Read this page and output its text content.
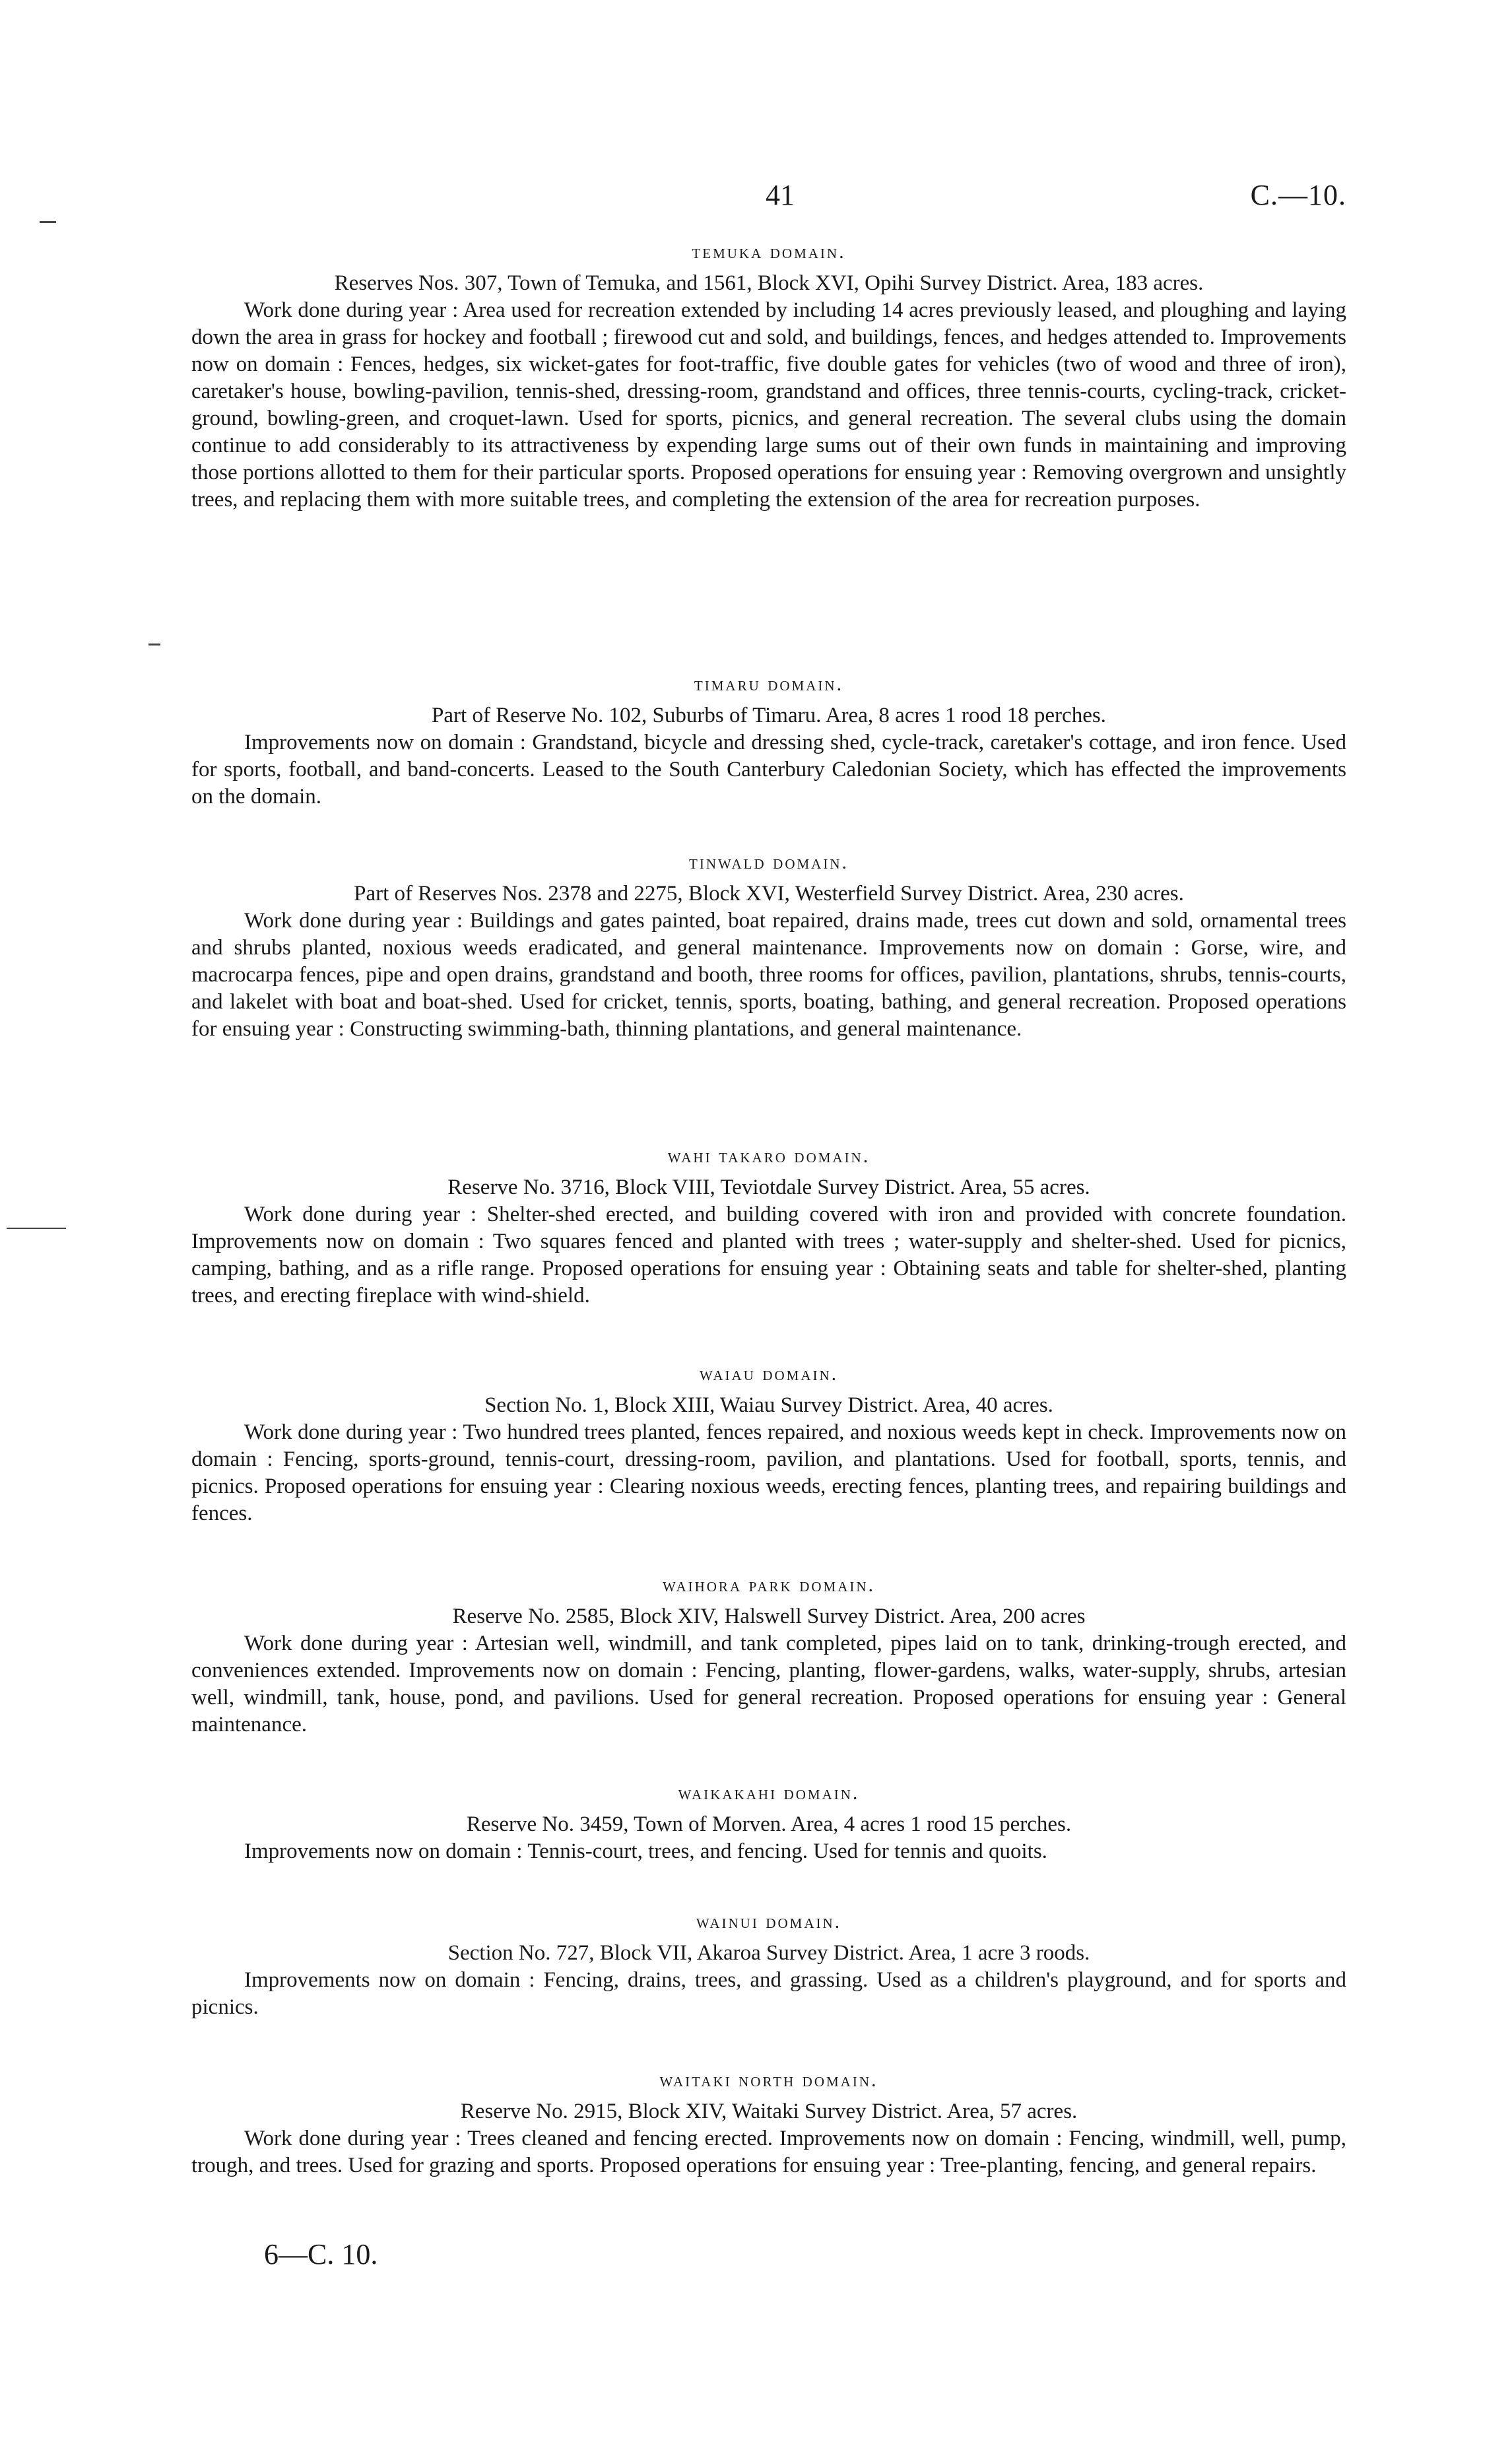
41	C.—10.
temuka domain.

Reserves Nos. 307, Town of Temuka, and 1561, Block XVI, Opihi Survey District. Area, 183 acres.

Work done during year : Area used for recreation extended by including 14 acres previously leased, and ploughing and laying down the area in grass for hockey and football ; firewood cut and sold, and buildings, fences, and hedges attended to. Improvements now on domain : Fences, hedges, six wicket-gates for foot-traffic, five double gates for vehicles (two of wood and three of iron), caretaker's house, bowling-pavilion, tennis-shed, dressing-room, grandstand and offices, three tennis-courts, cycling-track, cricket-ground, bowling-green, and croquet-lawn. Used for sports, picnics, and general recreation. The several clubs using the domain continue to add considerably to its attractiveness by expending large sums out of their own funds in maintaining and improving those portions allotted to them for their particular sports. Proposed operations for ensuing year : Removing overgrown and unsightly trees, and replacing them with more suitable trees, and completing the extension of the area for recreation purposes.

timaru domain.

Part of Reserve No. 102, Suburbs of Timaru. Area, 8 acres 1 rood 18 perches.

Improvements now on domain : Grandstand, bicycle and dressing shed, cycle-track, caretaker's cottage, and iron fence. Used for sports, football, and band-concerts. Leased to the South Canterbury Caledonian Society, which has effected the improvements on the domain.

tinwald domain.

Part of Reserves Nos. 2378 and 2275, Block XVI, Westerfield Survey District. Area, 230 acres.

Work done during year : Buildings and gates painted, boat repaired, drains made, trees cut down and sold, ornamental trees and shrubs planted, noxious weeds eradicated, and general maintenance. Improvements now on domain : Gorse, wire, and macrocarpa fences, pipe and open drains, grandstand and booth, three rooms for offices, pavilion, plantations, shrubs, tennis-courts, and lakelet with boat and boat-shed. Used for cricket, tennis, sports, boating, bathing, and general recreation. Proposed operations for ensuing year : Constructing swimming-bath, thinning plantations, and general maintenance.

wahi takaro domain.

Reserve No. 3716, Block VIII, Teviotdale Survey District. Area, 55 acres.

Work done during year : Shelter-shed erected, and building covered with iron and provided with concrete foundation. Improvements now on domain : Two squares fenced and planted with trees ; water-supply and shelter-shed. Used for picnics, camping, bathing, and as a rifle range. Proposed operations for ensuing year : Obtaining seats and table for shelter-shed, planting trees, and erecting fireplace with wind-shield.

waiau domain.

Section No. 1, Block XIII, Waiau Survey District. Area, 40 acres.

Work done during year : Two hundred trees planted, fences repaired, and noxious weeds kept in check. Improvements now on domain : Fencing, sports-ground, tennis-court, dressing-room, pavilion, and plantations. Used for football, sports, tennis, and picnics. Proposed operations for ensuing year : Clearing noxious weeds, erecting fences, planting trees, and repairing buildings and fences.

waihora park domain.

Reserve No. 2585, Block XIV, Halswell Survey District. Area, 200 acres

Work done during year : Artesian well, windmill, and tank completed, pipes laid on to tank, drinking-trough erected, and conveniences extended. Improvements now on domain : Fencing, planting, flower-gardens, walks, water-supply, shrubs, artesian well, windmill, tank, house, pond, and pavilions. Used for general recreation. Proposed operations for ensuing year : General maintenance.

waikakahi domain.

Reserve No. 3459, Town of Morven. Area, 4 acres 1 rood 15 perches.

Improvements now on domain : Tennis-court, trees, and fencing. Used for tennis and quoits.

wainui domain.

Section No. 727, Block VII, Akaroa Survey District. Area, 1 acre 3 roods.

Improvements now on domain : Fencing, drains, trees, and grassing. Used as a children's playground, and for sports and picnics.

waitaki north domain.

Reserve No. 2915, Block XIV, Waitaki Survey District. Area, 57 acres.

Work done during year : Trees cleaned and fencing erected. Improvements now on domain : Fencing, windmill, well, pump, trough, and trees. Used for grazing and sports. Proposed operations for ensuing year : Tree-planting, fencing, and general repairs.

6—C. 10.
